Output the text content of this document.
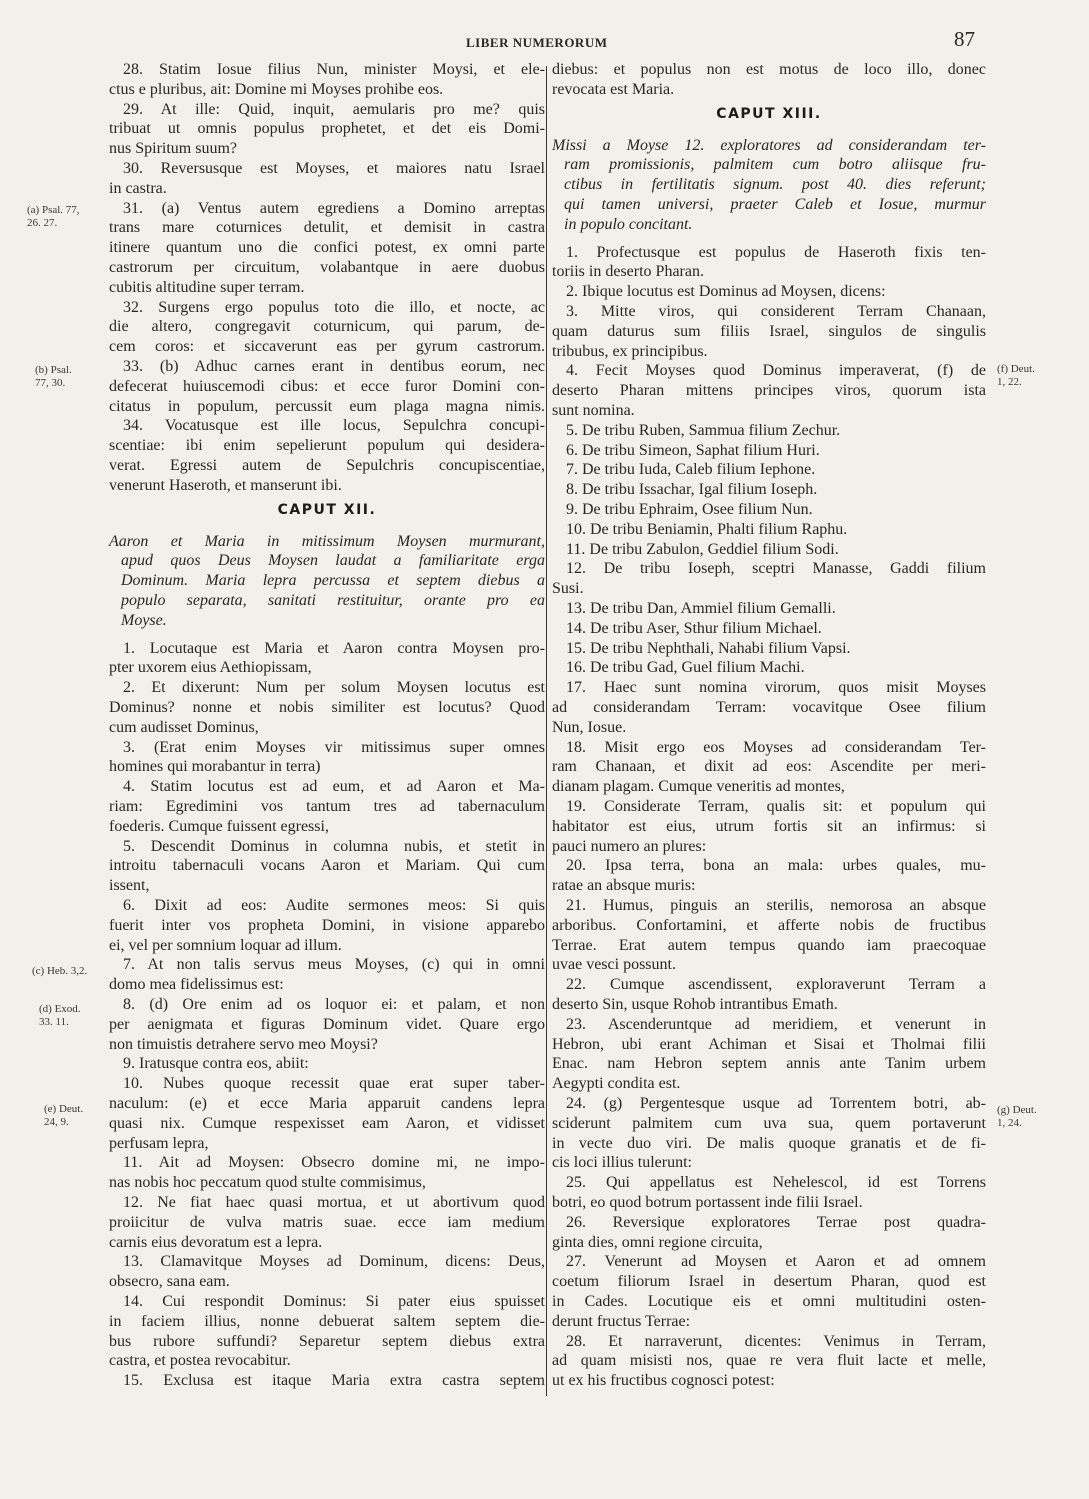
LIBER NUMERORUM	87
28. Statim Iosue filius Nun, minister Moysi, et ele-
ctus e pluribus, ait: Domine mi Moyses prohibe eos.
29. At ille: Quid, inquit, aemularis pro me? quis
tribuat ut omnis populus prophetet, et det eis Domi-
nus Spiritum suum?
30. Reversusque est Moyses, et maiores natu Israel
in castra.
31. (a) Ventus autem egrediens a Domino arreptas
trans mare coturnices detulit, et demisit in castra
itinere quantum uno die confici potest, ex omni parte
castrorum per circuitum, volabantque in aere duobus
cubitis altitudine super terram.
32. Surgens ergo populus toto die illo, et nocte, ac
die altero, congregavit coturnicum, qui parum, de-
cem coros: et siccaverunt eas per gyrum castrorum.
33. (b) Adhuc carnes erant in dentibus eorum, nec
defecerat huiuscemodi cibus: et ecce furor Domini con-
citatus in populum, percussit eum plaga magna nimis.
34. Vocatusque est ille locus, Sepulchra concupi-
scentiae: ibi enim sepelierunt populum qui desidera-
verat. Egressi autem de Sepulchris concupiscentiae,
venerunt Haseroth, et manserunt ibi.
CAPUT XII.
Aaron et Maria in mitissimum Moysen murmurant,
apud quos Deus Moysen laudat a familiaritate erga
Dominum. Maria lepra percussa et septem diebus a
populo separata, sanitati restituitur, orante pro ea
Moyse.
1. Locutaque est Maria et Aaron contra Moysen pro-
pter uxorem eius Aethiopissam,
2. Et dixerunt: Num per solum Moysen locutus est
Dominus? nonne et nobis similiter est locutus? Quod
cum audisset Dominus,
3. (Erat enim Moyses vir mitissimus super omnes
homines qui morabantur in terra)
4. Statim locutus est ad eum, et ad Aaron et Ma-
riam: Egredimini vos tantum tres ad tabernaculum
foederis. Cumque fuissent egressi,
5. Descendit Dominus in columna nubis, et stetit in
introitu tabernaculi vocans Aaron et Mariam. Qui cum
issent,
6. Dixit ad eos: Audite sermones meos: Si quis
fuerit inter vos propheta Domini, in visione apparebo
ei, vel per somnium loquar ad illum.
7. At non talis servus meus Moyses, (c) qui in omni
domo mea fidelissimus est:
8. (d) Ore enim ad os loquor ei: et palam, et non
per aenigmata et figuras Dominum videt. Quare ergo
non timuistis detrahere servo meo Moysi?
9. Iratusque contra eos, abiit:
10. Nubes quoque recessit quae erat super taber-
naculum: (e) et ecce Maria apparuit candens lepra
quasi nix. Cumque respexisset eam Aaron, et vidisset
perfusam lepra,
11. Ait ad Moysen: Obsecro domine mi, ne impo-
nas nobis hoc peccatum quod stulte commisimus,
12. Ne fiat haec quasi mortua, et ut abortivum quod
proiicitur de vulva matris suae. ecce iam medium
carnis eius devoratum est a lepra.
13. Clamavitque Moyses ad Dominum, dicens: Deus,
obsecro, sana eam.
14. Cui respondit Dominus: Si pater eius spuisset
in faciem illius, nonne debuerat saltem septem die-
bus rubore suffundi? Separetur septem diebus extra
castra, et postea revocabitur.
15. Exclusa est itaque Maria extra castra septem
diebus: et populus non est motus de loco illo, donec
revocata est Maria.
CAPUT XIII.
Missi a Moyse 12. exploratores ad considerandam ter-
ram promissionis, palmitem cum botro aliisque fru-
ctibus in fertilitatis signum. post 40. dies referunt;
qui tamen universi, praeter Caleb et Iosue, murmur
in populo concitant.
1. Profectusque est populus de Haseroth fixis ten-
toriis in deserto Pharan.
2. Ibique locutus est Dominus ad Moysen, dicens:
3. Mitte viros, qui considerent Terram Chanaan,
quam daturus sum filiis Israel, singulos de singulis
tribubus, ex principibus.
4. Fecit Moyses quod Dominus imperaverat, (f) de
deserto Pharan mittens principes viros, quorum ista
sunt nomina.
5. De tribu Ruben, Sammua filium Zechur.
6. De tribu Simeon, Saphat filium Huri.
7. De tribu Iuda, Caleb filium Iephone.
8. De tribu Issachar, Igal filium Ioseph.
9. De tribu Ephraim, Osee filium Nun.
10. De tribu Beniamin, Phalti filium Raphu.
11. De tribu Zabulon, Geddiel filium Sodi.
12. De tribu Ioseph, sceptri Manasse, Gaddi filium
Susi.
13. De tribu Dan, Ammiel filium Gemalli.
14. De tribu Aser, Sthur filium Michael.
15. De tribu Nephthali, Nahabi filium Vapsi.
16. De tribu Gad, Guel filium Machi.
17. Haec sunt nomina virorum, quos misit Moyses
ad considerandam Terram: vocavitque Osee filium
Nun, Iosue.
18. Misit ergo eos Moyses ad considerandam Ter-
ram Chanaan, et dixit ad eos: Ascendite per meri-
dianam plagam. Cumque veneritis ad montes,
19. Considerate Terram, qualis sit: et populum qui
habitator est eius, utrum fortis sit an infirmus: si
pauci numero an plures:
20. Ipsa terra, bona an mala: urbes quales, mu-
ratae an absque muris:
21. Humus, pinguis an sterilis, nemorosa an absque
arboribus. Confortamini, et afferte nobis de fructibus
Terrae. Erat autem tempus quando iam praecoquae
uvae vesci possunt.
22. Cumque ascendissent, exploraverunt Terram a
deserto Sin, usque Rohob intrantibus Emath.
23. Ascenderuntque ad meridiem, et venerunt in
Hebron, ubi erant Achiman et Sisai et Tholmai filii
Enac. nam Hebron septem annis ante Tanim urbem
Aegypti condita est.
24. (g) Pergentesque usque ad Torrentem botri, ab-
sciderunt palmitem cum uva sua, quem portaverunt
in vecte duo viri. De malis quoque granatis et de fi-
cis loci illius tulerunt:
25. Qui appellatus est Nehelescol, id est Torrens
botri, eo quod botrum portassent inde filii Israel.
26. Reversique exploratores Terrae post quadra-
ginta dies, omni regione circuita,
27. Venerunt ad Moysen et Aaron et ad omnem
coetum filiorum Israel in desertum Pharan, quod est
in Cades. Locutique eis et omni multitudini osten-
derunt fructus Terrae:
28. Et narraverunt, dicentes: Venimus in Terram,
ad quam misisti nos, quae re vera fluit lacte et melle,
ut ex his fructibus cognosci potest:
(a) Psal. 77,
26. 27.
(b) Psal.
77, 30.
(c) Heb. 3,2.
(d) Exod.
33. 11.
(e) Deut.
24, 9.
(f) Deut.
1, 22.
(g) Deut.
1, 24.
